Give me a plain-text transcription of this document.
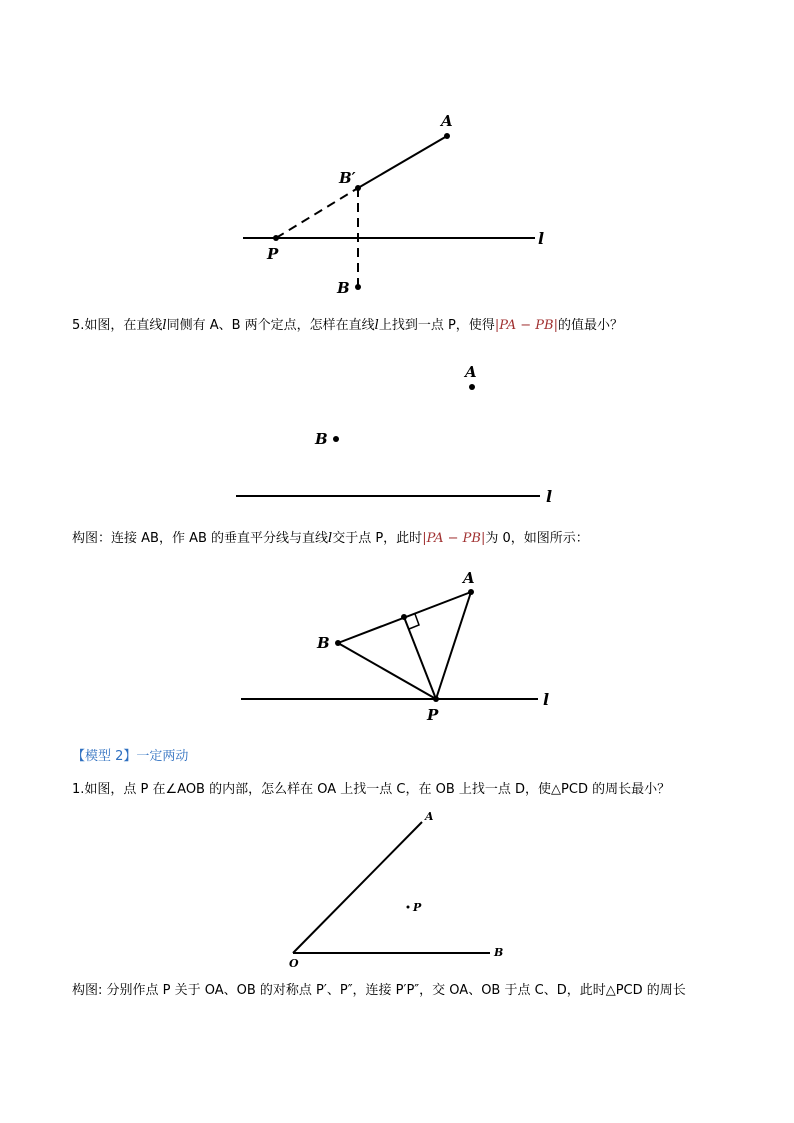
A
B′
P
B
l
5.如图，在直线l同侧有 A、B 两个定点，怎样在直线l上找到一点 P，使得|PA − PB|的值最小？
A
B
l
构图：连接 AB，作 AB 的垂直平分线与直线l交于点 P，此时|PA − PB|为 0，如图所示：
A
B
P
l
【模型 2】一定两动
1.如图，点 P 在∠AOB 的内部，怎么样在 OA 上找一点 C，在 OB 上找一点 D，使△PCD 的周长最小？
A
O
B
P
构图: 分别作点 P 关于 OA、OB 的对称点 P′、P″，连接 P′P″，交 OA、OB 于点 C、D，此时△PCD 的周长
